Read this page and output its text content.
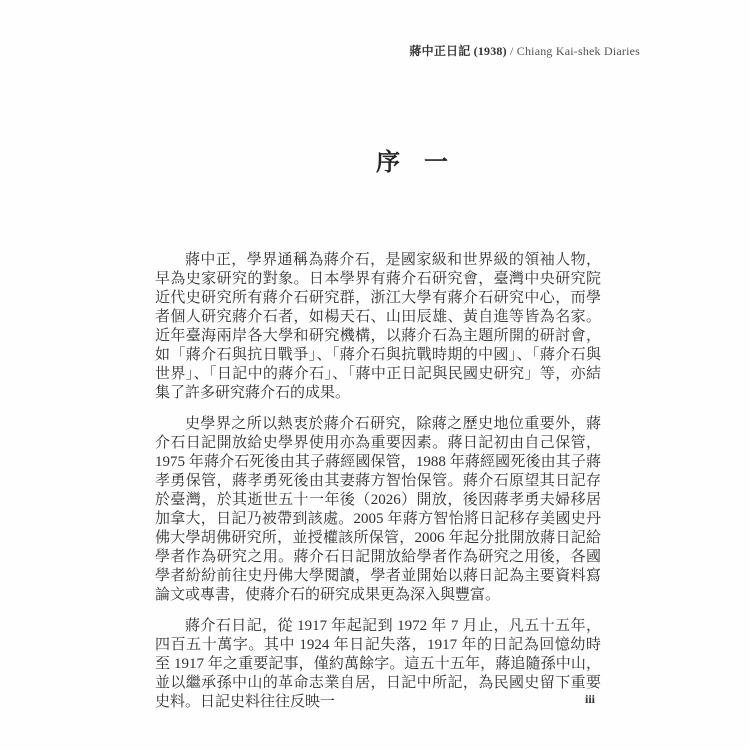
蔣中正日記 (1938) / Chiang Kai-shek Diaries
序　一

蔣中正，學界通稱為蔣介石，是國家級和世界級的領袖人物，早為史家研究的對象。日本學界有蔣介石研究會，臺灣中央研究院近代史研究所有蔣介石研究群，浙江大學有蔣介石研究中心，而學者個人研究蔣介石者，如楊天石、山田辰雄、黃自進等皆為名家。近年臺海兩岸各大學和研究機構，以蔣介石為主題所開的研討會，如「蔣介石與抗日戰爭」、「蔣介石與抗戰時期的中國」、「蔣介石與世界」、「日記中的蔣介石」、「蔣中正日記與民國史研究」等，亦結集了許多研究蔣介石的成果。

史學界之所以熱衷於蔣介石研究，除蔣之歷史地位重要外，蔣介石日記開放給史學界使用亦為重要因素。蔣日記初由自己保管，1975 年蔣介石死後由其子蔣經國保管，1988 年蔣經國死後由其子蔣孝勇保管，蔣孝勇死後由其妻蔣方智怡保管。蔣介石原望其日記存於臺灣，於其逝世五十一年後（2026）開放，後因蔣孝勇夫婦移居加拿大，日記乃被帶到該處。2005 年蔣方智怡將日記移存美國史丹佛大學胡佛研究所，並授權該所保管，2006 年起分批開放蔣日記給學者作為研究之用。蔣介石日記開放給學者作為研究之用後，各國學者紛紛前往史丹佛大學閱讀，學者並開始以蔣日記為主要資料寫論文或專書，使蔣介石的研究成果更為深入與豐富。

蔣介石日記，從 1917 年起記到 1972 年 7 月止，凡五十五年，四百五十萬字。其中 1924 年日記失落，1917 年的日記為回憶幼時至 1917 年之重要記事，僅約萬餘字。這五十五年，蔣追隨孫中山，並以繼承孫中山的革命志業自居，日記中所記，為民國史留下重要史料。日記史料往往反映一	iii
